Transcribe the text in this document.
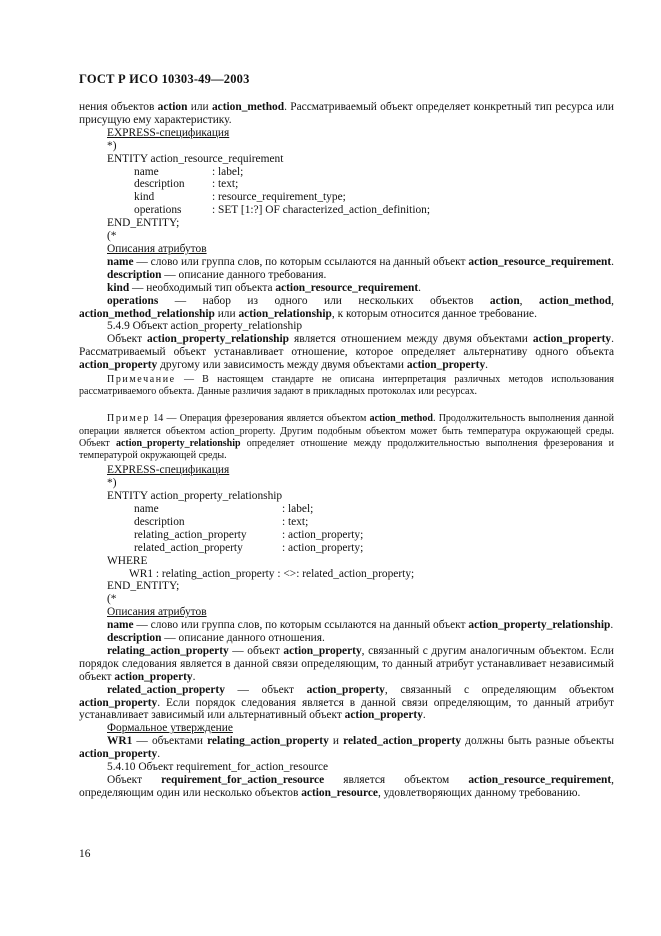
ГОСТ Р ИСО 10303-49—2003

нения объектов action или action_method. Рассматриваемый объект определяет конкретный тип ресурса или присущую ему характеристику.

EXPRESS-спецификация

*)

ENTITY action_resource_requirement

name	: label;
description	: text;
kind	: resource_requirement_type;
operations	: SET [1:?] OF characterized_action_definition;

END_ENTITY;

(*

Описания атрибутов

name — слово или группа слов, по которым ссылаются на данный объект action_resource_requirement.

description — описание данного требования.

kind — необходимый тип объекта action_resource_requirement.

operations — набор из одного или нескольких объектов action, action_method, action_method_relationship или action_relationship, к которым относится данное требование.

5.4.9 Объект action_property_relationship

Объект action_property_relationship является отношением между двумя объектами action_property. Рассматриваемый объект устанавливает отношение, которое определяет альтернативу одного объекта action_property другому или зависимость между двумя объектами action_property.

Примечание — В настоящем стандарте не описана интерпретация различных методов использования рассматриваемого объекта. Данные различия задают в прикладных протоколах или ресурсах.

Пример 14 — Операция фрезерования является объектом action_method. Продолжительность выполнения данной операции является объектом action_property. Другим подобным объектом может быть температура окружающей среды. Объект action_property_relationship определяет отношение между продолжительностью выполнения фрезерования и температурой окружающей среды.

EXPRESS-спецификация

*)

ENTITY action_property_relationship

name	: label;
description	: text;
relating_action_property	: action_property;
related_action_property	: action_property;

WHERE

WR1 : relating_action_property : <>: related_action_property;

END_ENTITY;

(*

Описания атрибутов

name — слово или группа слов, по которым ссылаются на данный объект action_property_relationship.

description — описание данного отношения.

relating_action_property — объект action_property, связанный с другим аналогичным объектом. Если порядок следования является в данной связи определяющим, то данный атрибут устанавливает независимый объект action_property.

related_action_property — объект action_property, связанный с определяющим объектом action_property. Если порядок следования является в данной связи определяющим, то данный атрибут устанавливает зависимый или альтернативный объект action_property.

Формальное утверждение

WR1 — объектами relating_action_property и related_action_property должны быть разные объекты action_property.

5.4.10 Объект requirement_for_action_resource

Объект requirement_for_action_resource является объектом action_resource_requirement, определяющим один или несколько объектов action_resource, удовлетворяющих данному требованию.

16
